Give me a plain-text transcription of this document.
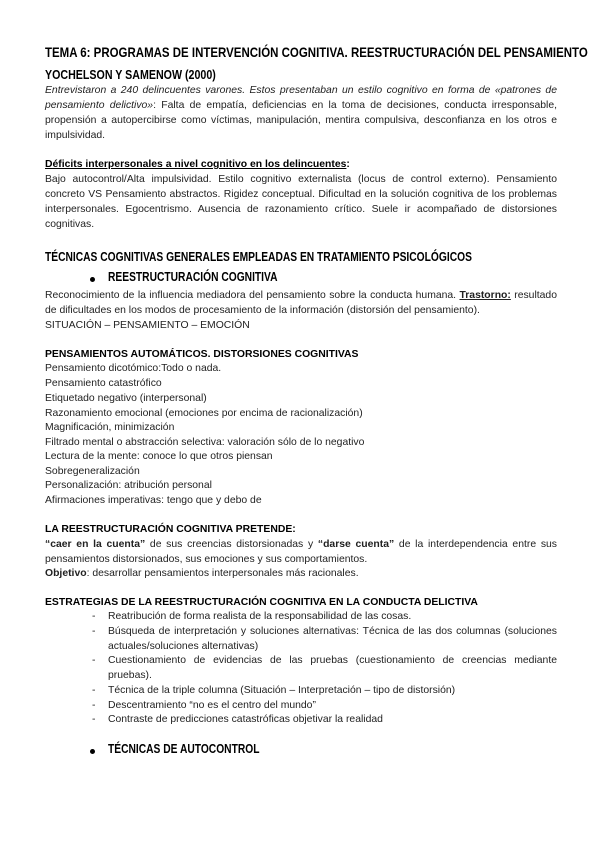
TEMA 6: PROGRAMAS DE INTERVENCIÓN COGNITIVA. REESTRUCTURACIÓN DEL PENSAMIENTO
YOCHELSON Y SAMENOW (2000)
Entrevistaron a 240 delincuentes varones. Estos presentaban un estilo cognitivo en forma de «patrones de pensamiento delictivo»: Falta de empatía, deficiencias en la toma de decisiones, conducta irresponsable, propensión a autopercibirse como víctimas, manipulación, mentira compulsiva, desconfianza en los otros e impulsividad.
Déficits interpersonales a nivel cognitivo en los delincuentes:
Bajo autocontrol/Alta impulsividad. Estilo cognitivo externalista (locus de control externo). Pensamiento concreto VS Pensamiento abstractos. Rigidez conceptual. Dificultad en la solución cognitiva de los problemas interpersonales. Egocentrismo. Ausencia de razonamiento crítico. Suele ir acompañado de distorsiones cognitivas.
TÉCNICAS COGNITIVAS GENERALES EMPLEADAS EN TRATAMIENTO PSICOLÓGICOS
REESTRUCTURACIÓN COGNITIVA
Reconocimiento de la influencia mediadora del pensamiento sobre la conducta humana. Trastorno: resultado de dificultades en los modos de procesamiento de la información (distorsión del pensamiento).
SITUACIÓN – PENSAMIENTO – EMOCIÓN
PENSAMIENTOS AUTOMÁTICOS. DISTORSIONES COGNITIVAS
Pensamiento dicotómico:Todo o nada.
Pensamiento catastrófico
Etiquetado negativo (interpersonal)
Razonamiento emocional (emociones por encima de racionalización)
Magnificación, minimización
Filtrado mental o abstracción selectiva: valoración sólo de lo negativo
Lectura de la mente: conoce lo que otros piensan
Sobregeneralización
Personalización: atribución personal
Afirmaciones imperativas: tengo que y debo de
LA REESTRUCTURACIÓN COGNITIVA PRETENDE:
“caer en la cuenta” de sus creencias distorsionadas y “darse cuenta” de la interdependencia entre sus pensamientos distorsionados, sus emociones y sus comportamientos.
Objetivo: desarrollar pensamientos interpersonales más racionales.
ESTRATEGIAS DE LA REESTRUCTURACIÓN COGNITIVA EN LA CONDUCTA DELICTIVA
- Reatribución de forma realista de la responsabilidad de las cosas.
- Búsqueda de interpretación y soluciones alternativas: Técnica de las dos columnas (soluciones actuales/soluciones alternativas)
- Cuestionamiento de evidencias de las pruebas (cuestionamiento de creencias mediante pruebas).
- Técnica de la triple columna (Situación – Interpretación – tipo de distorsión)
- Descentramiento “no es el centro del mundo”
- Contraste de predicciones catastróficas objetivar la realidad
TÉCNICAS DE AUTOCONTROL
